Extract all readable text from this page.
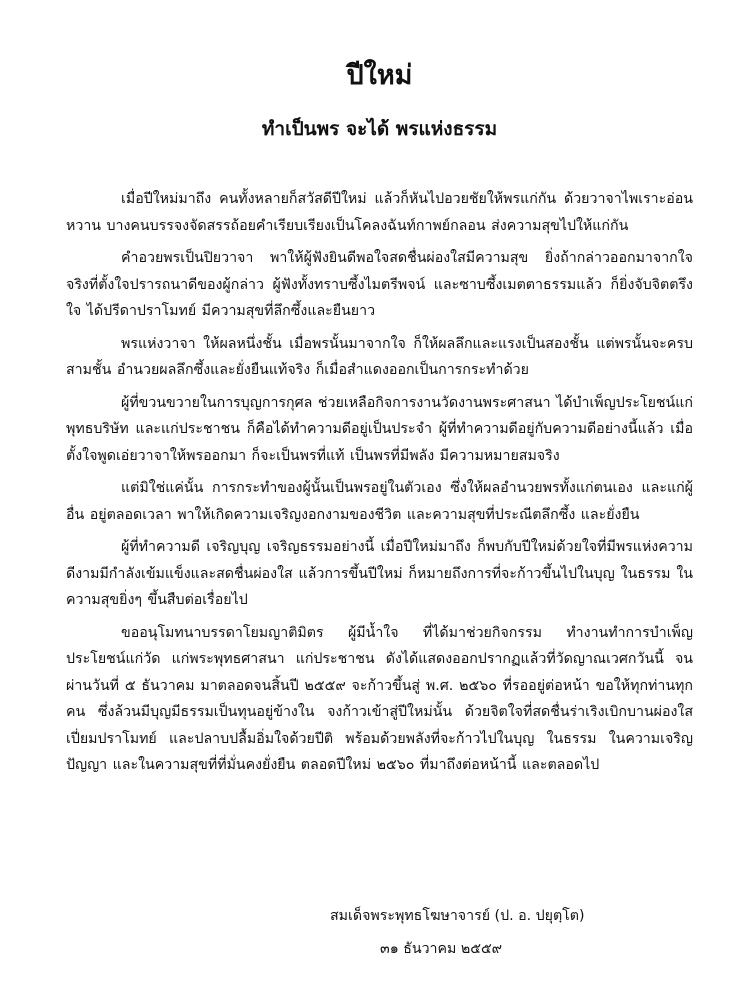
ปีใหม่
ทำเป็นพร จะได้ พรแห่งธรรม

เมื่อปีใหม่มาถึง คนทั้งหลายก็สวัสดีปีใหม่ แล้วก็หันไปอวยชัยให้พรแก่กัน ด้วยวาจาไพเราะอ่อนหวาน บางคนบรรจงจัดสรรถ้อยคำเรียบเรียงเป็นโคลงฉันท์กาพย์กลอน ส่งความสุขไปให้แก่กัน

คำอวยพรเป็นปิยวาจา พาให้ผู้ฟังยินดีพอใจสดชื่นผ่องใสมีความสุข ยิ่งถ้ากล่าวออกมาจากใจจริงที่ตั้งใจปรารถนาดีของผู้กล่าว ผู้ฟังทั้งทราบซึ้งไมตรีพจน์ และซาบซึ้งเมตตาธรรมแล้ว ก็ยิ่งจับจิตตรึงใจ ได้ปรีดาปราโมทย์ มีความสุขที่ลึกซึ้งและยืนยาว

พรแห่งวาจา ให้ผลหนึ่งชั้น เมื่อพรนั้นมาจากใจ ก็ให้ผลลึกและแรงเป็นสองชั้น แต่พรนั้นจะครบสามชั้น อำนวยผลลึกซึ้งและยั่งยืนแท้จริง ก็เมื่อสำแดงออกเป็นการกระทำด้วย

ผู้ที่ขวนขวายในการบุญการกุศล ช่วยเหลือกิจการงานวัดงานพระศาสนา ได้บำเพ็ญประโยชน์แก่พุทธบริษัท และแก่ประชาชน ก็คือได้ทำความดีอยู่เป็นประจำ ผู้ที่ทำความดีอยู่กับความดีอย่างนี้แล้ว เมื่อตั้งใจพูดเอ่ยวาจาให้พรออกมา ก็จะเป็นพรที่แท้ เป็นพรที่มีพลัง มีความหมายสมจริง

แต่มิใช่แค่นั้น การกระทำของผู้นั้นเป็นพรอยู่ในตัวเอง ซึ่งให้ผลอำนวยพรทั้งแก่ตนเอง และแก่ผู้อื่น อยู่ตลอดเวลา พาให้เกิดความเจริญงอกงามของชีวิต และความสุขที่ประณีตลึกซึ้ง และยั่งยืน

ผู้ที่ทำความดี เจริญบุญ เจริญธรรมอย่างนี้ เมื่อปีใหม่มาถึง ก็พบกับปีใหม่ด้วยใจที่มีพรแห่งความดีงามมีกำลังเข้มแข็งและสดชื่นผ่องใส แล้วการขึ้นปีใหม่ ก็หมายถึงการที่จะก้าวขึ้นไปในบุญ ในธรรม ในความสุขยิ่งๆ ขึ้นสืบต่อเรื่อยไป

ขออนุโมทนาบรรดาโยมญาติมิตร ผู้มีน้ำใจ ที่ได้มาช่วยกิจกรรม ทำงานทำการบำเพ็ญประโยชน์แก่วัด แก่พระพุทธศาสนา แก่ประชาชน ดังได้แสดงออกปรากฏแล้วที่วัดญาณเวศกวันนี้ จนผ่านวันที่ ๕ ธันวาคม มาตลอดจนสิ้นปี ๒๕๕๙ จะก้าวขึ้นสู่ พ.ศ. ๒๕๖๐ ที่รออยู่ต่อหน้า ขอให้ทุกท่านทุกคน ซึ่งล้วนมีบุญมีธรรมเป็นทุนอยู่ข้างใน จงก้าวเข้าสู่ปีใหม่นั้น ด้วยจิตใจที่สดชื่นร่าเริงเบิกบานผ่องใสเปี่ยมปราโมทย์ และปลาบปลื้มอิ่มใจด้วยปีติ พร้อมด้วยพลังที่จะก้าวไปในบุญ ในธรรม ในความเจริญปัญญา และในความสุขที่ที่มั่นคงยั่งยืน ตลอดปีใหม่ ๒๕๖๐ ที่มาถึงต่อหน้านี้ และตลอดไป

สมเด็จพระพุทธโฆษาจารย์ (ป. อ. ปยุตฺโต)
๓๑ ธันวาคม ๒๕๕๙
